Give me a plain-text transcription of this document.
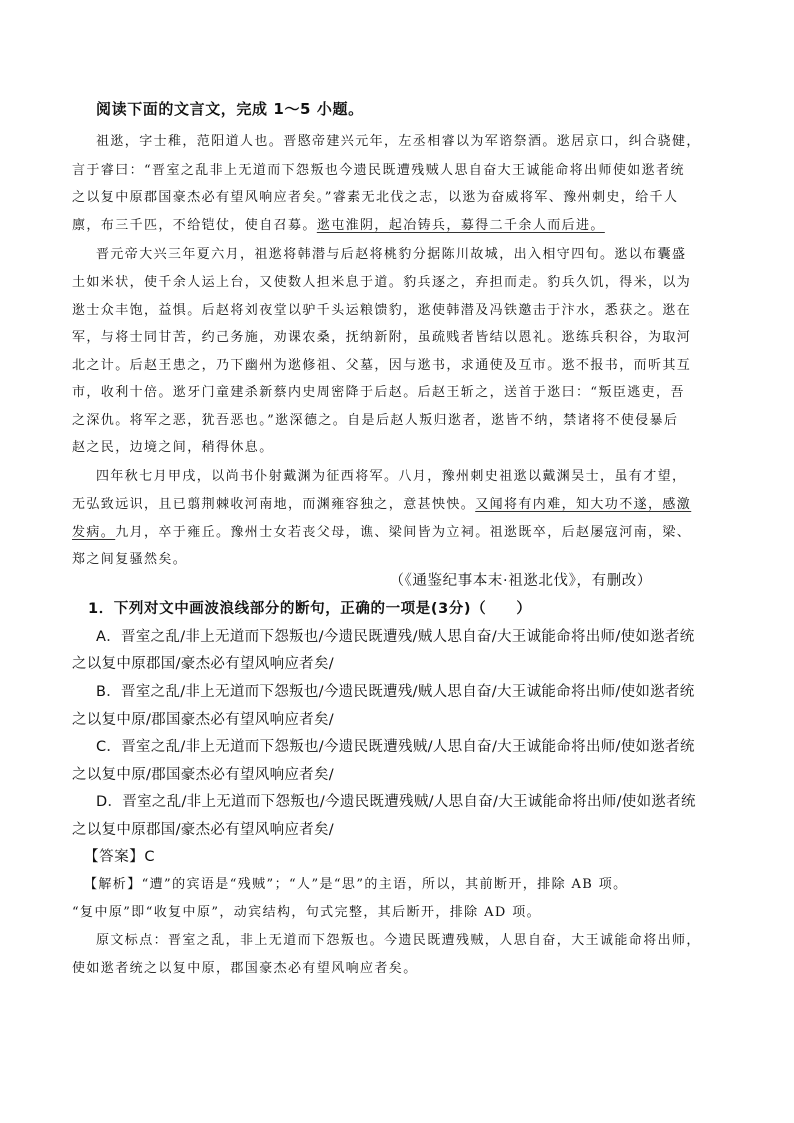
阅读下面的文言文，完成 1～5 小题。
祖逖，字士稚，范阳道人也。晋愍帝建兴元年，左丞相睿以为军谘祭酒。逖居京口，纠合骁健，
言于睿曰：“晋室之乱非上无道而下怨叛也今遗民既遭残贼人思自奋大王诚能命将出师使如逖者统
之以复中原郡国豪杰必有望风响应者矣。”睿素无北伐之志，以逖为奋威将军、豫州刺史，给千人
廪，布三千匹，不给铠仗，使自召募。逖屯淮阴，起冶铸兵，募得二千余人而后进。
晋元帝大兴三年夏六月，祖逖将韩潜与后赵将桃豹分据陈川故城，出入相守四旬。逖以布囊盛
土如米状，使千余人运上台，又使数人担米息于道。豹兵逐之，弃担而走。豹兵久饥，得米，以为
逖士众丰饱，益惧。后赵将刘夜堂以驴千头运粮馈豹，逖使韩潜及冯铁邀击于汴水，悉获之。逖在
军，与将士同甘苦，约己务施，劝课农桑，抚纳新附，虽疏贱者皆结以恩礼。逖练兵积谷，为取河
北之计。后赵王患之，乃下幽州为逖修祖、父墓，因与逖书，求通使及互市。逖不报书，而听其互
市，收利十倍。逖牙门童建杀新蔡内史周密降于后赵。后赵王斩之，送首于逖曰：“叛臣逃吏，吾
之深仇。将军之恶，犹吾恶也。”逖深德之。自是后赵人叛归逖者，逖皆不纳，禁诸将不使侵暴后
赵之民，边境之间，稍得休息。
四年秋七月甲戌，以尚书仆射戴渊为征西将军。八月，豫州刺史祖逖以戴渊吴士，虽有才望，
无弘致远识，且已翦荆棘收河南地，而渊雍容独之，意甚怏怏。又闻将有内难，知大功不遂，感激
发病。九月，卒于雍丘。豫州士女若丧父母，谯、梁间皆为立祠。祖逖既卒，后赵屡寇河南，梁、
郑之间复骚然矣。
（《通鉴纪事本末·祖逖北伐》，有删改）
1．下列对文中画波浪线部分的断句，正确的一项是(3分)（　　）
A．晋室之乱/非上无道而下怨叛也/今遗民既遭残/贼人思自奋/大王诚能命将出师/使如逖者统
之以复中原郡国/豪杰必有望风响应者矣/
B．晋室之乱/非上无道而下怨叛也/今遗民既遭残/贼人思自奋/大王诚能命将出师/使如逖者统
之以复中原/郡国豪杰必有望风响应者矣/
C．晋室之乱/非上无道而下怨叛也/今遗民既遭残贼/人思自奋/大王诚能命将出师/使如逖者统
之以复中原/郡国豪杰必有望风响应者矣/
D．晋室之乱/非上无道而下怨叛也/今遗民既遭残贼/人思自奋/大王诚能命将出师/使如逖者统
之以复中原郡国/豪杰必有望风响应者矣/
【答案】C
【解析】“遭”的宾语是“残贼”；“人”是“思”的主语，所以，其前断开，排除 AB 项。
“复中原”即“收复中原”，动宾结构，句式完整，其后断开，排除 AD 项。
原文标点：晋室之乱，非上无道而下怨叛也。今遗民既遭残贼，人思自奋，大王诚能命将出师，
使如逖者统之以复中原，郡国豪杰必有望风响应者矣。
